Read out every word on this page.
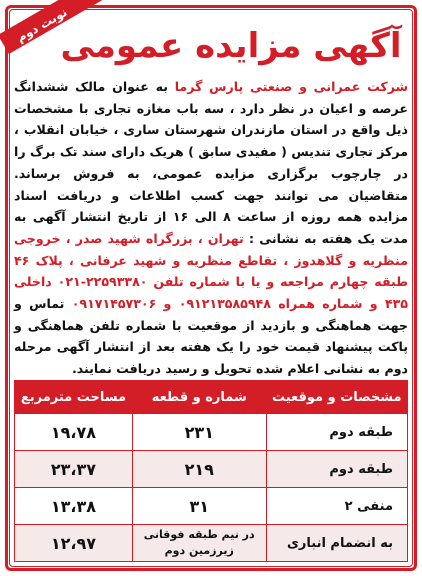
نوبت دوم
آگهی مزایده عمومی
شرکت عمرانی و صنعتی پارس گرما به عنوان مالک ششدانگ عرصه و اعیان در نظر دارد ، سه باب مغازه تجاری با مشخصات ذیل واقع در استان مازندران شهرستان ساری ، خیابان انقلاب ، مرکز تجاری تندیس ( مفیدی سابق ) هریک دارای سند تک برگ را در چارچوب برگزاری مزایده عمومی، به فروش برساند. متقاضیان می توانند جهت کسب اطلاعات و دریافت اسناد مزایده همه روزه از ساعت ۸ الی ۱۶ از تاریخ انتشار آگهی به مدت یک هفته به نشانی : تهران ، بزرگراه شهید صدر ، خروجی منظریه و گلاهدوز ، تقاطع منظریه و شهید عرفانی ، پلاک ۴۶ طبقه چهارم مراجعه و یا با شماره تلفن ۲۲۵۹۳۳۸۰-۰۲۱ داخلی ۴۳۵ و شماره همراه ۰۹۱۲۱۳۵۸۵۹۴۸ و ۰۹۱۷۱۴۵۷۳۰۶ تماس و جهت هماهنگی و بازدید از موقعیت با شماره تلفن هماهنگی و پاکت پیشنهاد قیمت خود را یک هفته بعد از انتشار آگهی مرحله دوم به نشانی اعلام شده تحویل و رسید دریافت نمایند.
مشخصات و موقعیت	شماره و قطعه	مساحت مترمربع
طبقه دوم	۲۳۱	۱۹،۷۸
طبقه دوم	۲۱۹	۲۳،۳۷
منفی ۲	۳۱	۱۳،۳۸
به انضمام انباری	در نیم طبقه فوقانی زیرزمین دوم	۱۲،۹۷
